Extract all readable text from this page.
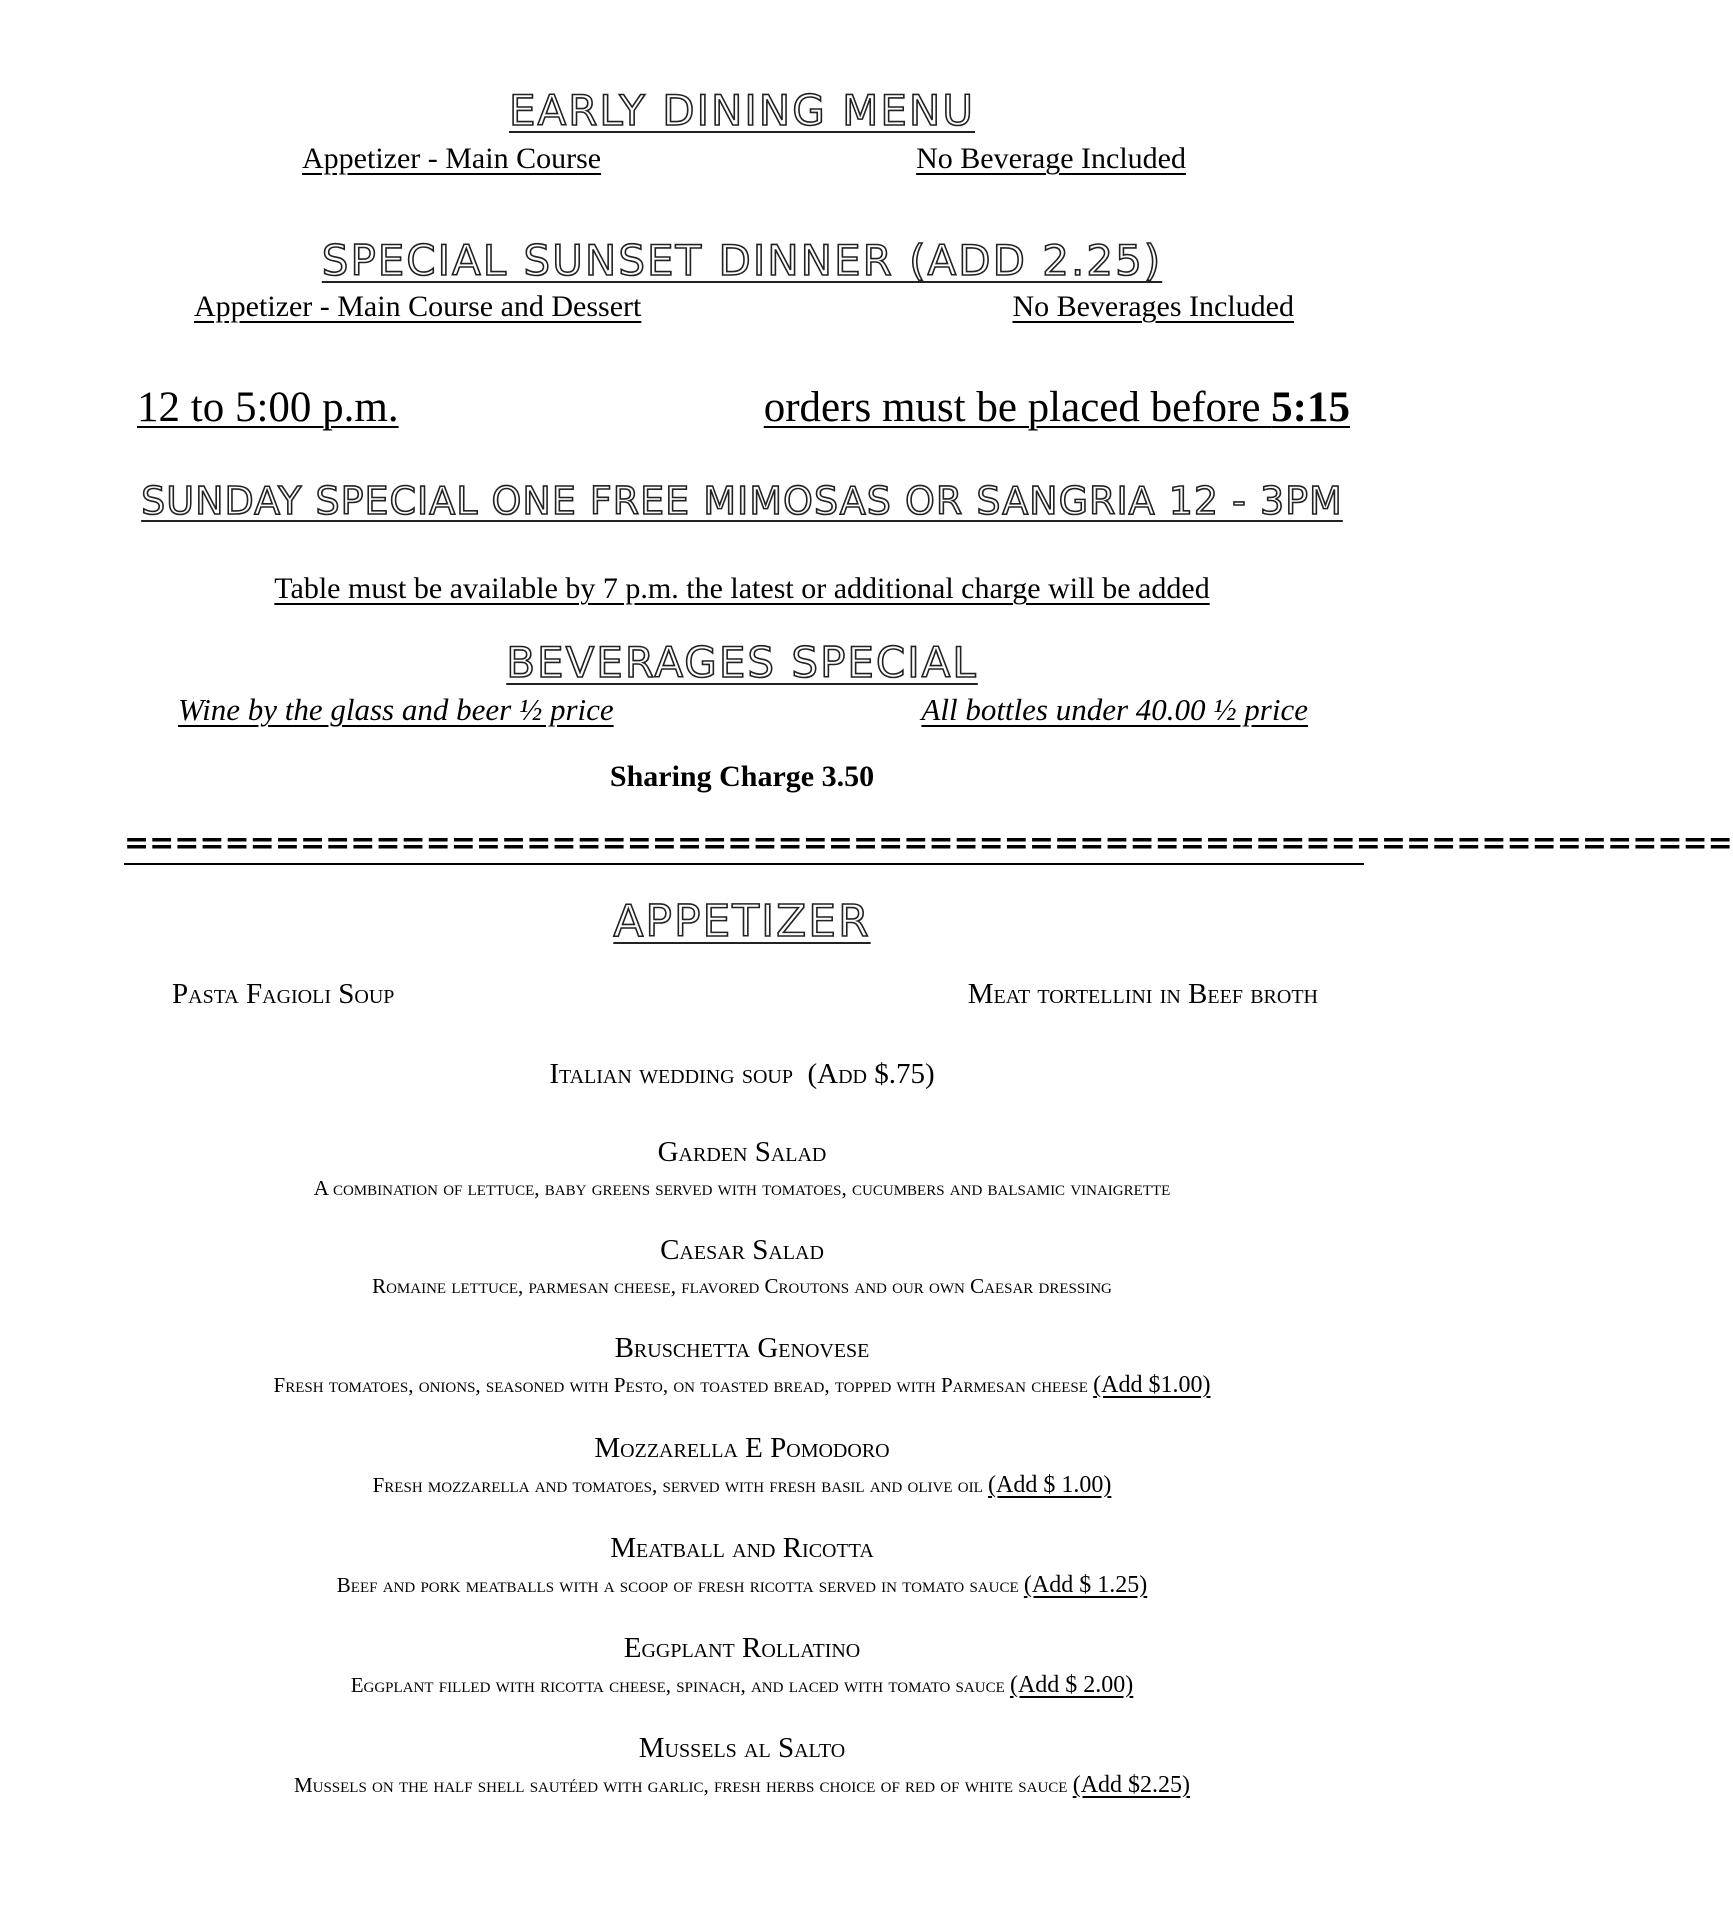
EARLY DINING MENU
Appetizer - Main Course	No Beverage Included
SPECIAL SUNSET DINNER (ADD 2.25)
Appetizer - Main Course and Dessert	No Beverages Included
12 to 5:00 p.m.	orders must be placed before 5:15
SUNDAY SPECIAL ONE FREE MIMOSAS OR SANGRIA 12 - 3PM
Table must be available by 7 p.m. the latest or additional charge will be added
BEVERAGES SPECIAL
Wine by the glass and beer ½ price	All bottles under 40.00 ½ price
Sharing Charge 3.50
================================================================
APPETIZER
Pasta Fagioli Soup	Meat tortellini in Beef broth
Italian wedding soup (Add $.75)
Garden Salad
A combination of lettuce, baby greens served with tomatoes, cucumbers and balsamic vinaigrette
Caesar Salad
Romaine lettuce, parmesan cheese, flavored Croutons and our own Caesar dressing
Bruschetta Genovese
Fresh tomatoes, onions, seasoned with Pesto, on toasted bread, topped with Parmesan cheese (Add $1.00)
Mozzarella E Pomodoro
Fresh mozzarella and tomatoes, served with fresh basil and olive oil (Add $ 1.00)
Meatball and Ricotta
Beef and pork meatballs with a scoop of fresh ricotta served in tomato sauce (Add $ 1.25)
Eggplant Rollatino
Eggplant filled with ricotta cheese, spinach, and laced with tomato sauce (Add $ 2.00)
Mussels al Salto
Mussels on the half shell sautéed with garlic, fresh herbs choice of red of white sauce (Add $2.25)
